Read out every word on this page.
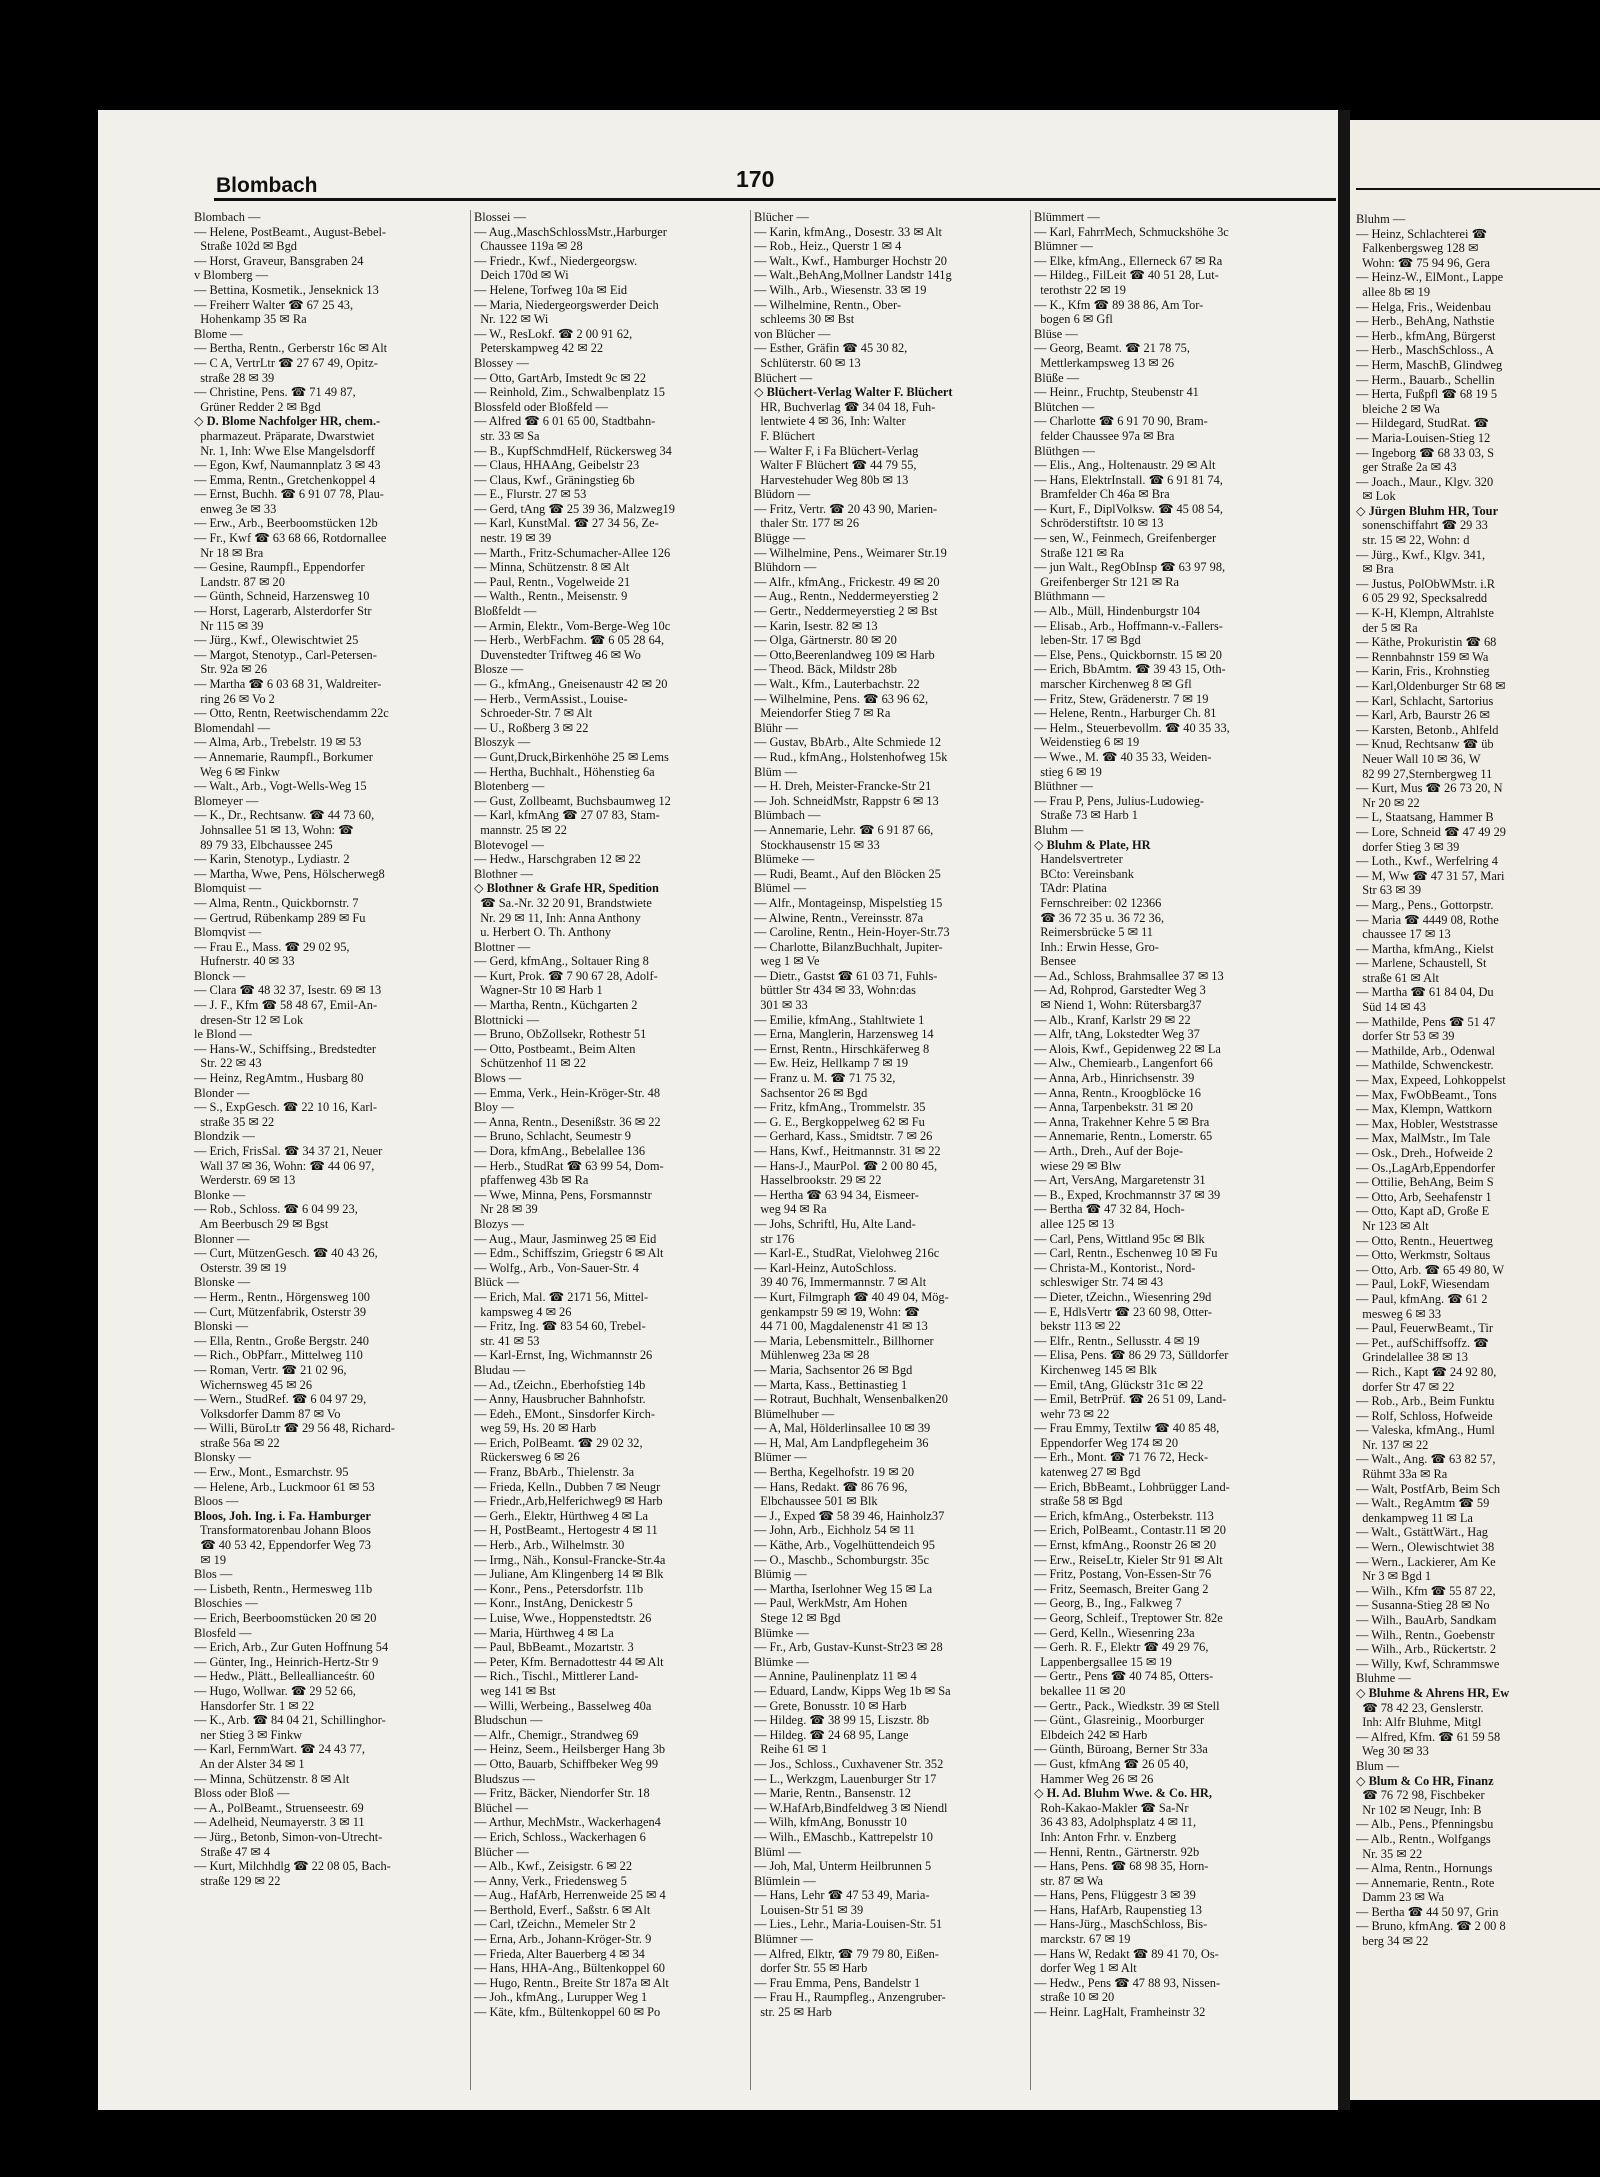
Blombach	170
Blombach —
— Helene, PostBeamt., August-Bebel-
Straße 102d ✉ Bgd
— Horst, Graveur, Bansgraben 24
v Blomberg —
— Bettina, Kosmetik., Jenseknick 13
— Freiherr Walter ☎ 67 25 43,
Hohenkamp 35 ✉ Ra
Blome —
— Bertha, Rentn., Gerberstr 16c ✉ Alt
— C A, VertrLtr ☎ 27 67 49, Opitz-
straße 28 ✉ 39
— Christine, Pens. ☎ 71 49 87,
Grüner Redder 2 ✉ Bgd
◇ D. Blome Nachfolger HR, chem.-
pharmazeut. Präparate, Dwarstwiet
Nr. 1, Inh: Wwe Else Mangelsdorff
— Egon, Kwf, Naumannplatz 3 ✉ 43
— Emma, Rentn., Gretchenkoppel 4
— Ernst, Buchh. ☎ 6 91 07 78, Plau-
enweg 3e ✉ 33
— Erw., Arb., Beerboomstücken 12b
— Fr., Kwf ☎ 63 68 66, Rotdornallee
Nr 18 ✉ Bra
— Gesine, Raumpfl., Eppendorfer
Landstr. 87 ✉ 20
— Günth, Schneid, Harzensweg 10
— Horst, Lagerarb, Alsterdorfer Str
Nr 115 ✉ 39
— Jürg., Kwf., Olewischtwiet 25
— Margot, Stenotyp., Carl-Petersen-
Str. 92a ✉ 26
— Martha ☎ 6 03 68 31, Waldreiter-
ring 26 ✉ Vo 2
— Otto, Rentn, Reetwischendamm 22c
Blomendahl —
— Alma, Arb., Trebelstr. 19 ✉ 53
— Annemarie, Raumpfl., Borkumer
Weg 6 ✉ Finkw
— Walt., Arb., Vogt-Wells-Weg 15
Blomeyer —
— K., Dr., Rechtsanw. ☎ 44 73 60,
Johnsallee 51 ✉ 13, Wohn: ☎
89 79 33, Elbchaussee 245
— Karin, Stenotyp., Lydiastr. 2
— Martha, Wwe, Pens, Hölscherweg8
Blomquist —
— Alma, Rentn., Quickbornstr. 7
— Gertrud, Rübenkamp 289 ✉ Fu
Blomqvist —
— Frau E., Mass. ☎ 29 02 95,
Hufnerstr. 40 ✉ 33
Blonck —
— Clara ☎ 48 32 37, Isestr. 69 ✉ 13
— J. F., Kfm ☎ 58 48 67, Emil-An-
dresen-Str 12 ✉ Lok
le Blond —
— Hans-W., Schiffsing., Bredstedter
Str. 22 ✉ 43
— Heinz, RegAmtm., Husbarg 80
Blonder —
— S., ExpGesch. ☎ 22 10 16, Karl-
straße 35 ✉ 22
Blondzik —
— Erich, FrisSal. ☎ 34 37 21, Neuer
Wall 37 ✉ 36, Wohn: ☎ 44 06 97,
Werderstr. 69 ✉ 13
Blonke —
— Rob., Schloss. ☎ 6 04 99 23,
Am Beerbusch 29 ✉ Bgst
Blonner —
— Curt, MützenGesch. ☎ 40 43 26,
Osterstr. 39 ✉ 19
Blonske —
— Herm., Rentn., Hörgensweg 100
— Curt, Mützenfabrik, Osterstr 39
Blonski —
— Ella, Rentn., Große Bergstr. 240
— Rich., ObPfarr., Mittelweg 110
— Roman, Vertr. ☎ 21 02 96,
Wichernsweg 45 ✉ 26
— Wern., StudRef. ☎ 6 04 97 29,
Volksdorfer Damm 87 ✉ Vo
— Willi, BüroLtr ☎ 29 56 48, Richard-
straße 56a ✉ 22
Blonsky —
— Erw., Mont., Esmarchstr. 95
— Helene, Arb., Luckmoor 61 ✉ 53
Bloos —
Bloos, Joh. Ing. i. Fa. Hamburger
Transformatorenbau Johann Bloos
☎ 40 53 42, Eppendorfer Weg 73
✉ 19
Blos —
— Lisbeth, Rentn., Hermesweg 11b
Bloschies —
— Erich, Beerboomstücken 20 ✉ 20
Blosfeld —
— Erich, Arb., Zur Guten Hoffnung 54
— Günter, Ing., Heinrich-Hertz-Str 9
— Hedw., Plätt., Belleallianceśtr. 60
— Hugo, Wollwar. ☎ 29 52 66,
Hansdorfer Str. 1 ✉ 22
— K., Arb. ☎ 84 04 21, Schillinghor-
ner Stieg 3 ✉ Finkw
— Karl, FernmWart. ☎ 24 43 77,
An der Alster 34 ✉ 1
— Minna, Schützenstr. 8 ✉ Alt
Bloss oder Bloß —
— A., PolBeamt., Struenseestr. 69
— Adelheid, Neumayerstr. 3 ✉ 11
— Jürg., Betonb, Simon-von-Utrecht-
Straße 47 ✉ 4
— Kurt, Milchhdlg ☎ 22 08 05, Bach-
straße 129 ✉ 22
Blossei —
— Aug.,MaschSchlossMstr.,Harburger
Chaussee 119a ✉ 28
— Friedr., Kwf., Niedergeorgsw.
Deich 170d ✉ Wi
— Helene, Torfweg 10a ✉ Eid
— Maria, Niedergeorgswerder Deich
Nr. 122 ✉ Wi
— W., ResLokf. ☎ 2 00 91 62,
Peterskampweg 42 ✉ 22
Blossey —
— Otto, GartArb, Imstedt 9c ✉ 22
— Reinhold, Zim., Schwalbenplatz 15
Blossfeld oder Bloßfeld —
— Alfred ☎ 6 01 65 00, Stadtbahn-
str. 33 ✉ Sa
— B., KupfSchmdHelf, Rückersweg 34
— Claus, HHAAng, Geibelstr 23
— Claus, Kwf., Gräningstieg 6b
— E., Flurstr. 27 ✉ 53
— Gerd, tAng ☎ 25 39 36, Malzweg19
— Karl, KunstMal. ☎ 27 34 56, Ze-
nestr. 19 ✉ 39
— Marth., Fritz-Schumacher-Allee 126
— Minna, Schützenstr. 8 ✉ Alt
— Paul, Rentn., Vogelweide 21
— Walth., Rentn., Meisenstr. 9
Bloßfeldt —
— Armin, Elektr., Vom-Berge-Weg 10c
— Herb., WerbFachm. ☎ 6 05 28 64,
Duvenstedter Triftweg 46 ✉ Wo
Blosze —
— G., kfmAng., Gneisenaustr 42 ✉ 20
— Herb., VermAssist., Louise-
Schroeder-Str. 7 ✉ Alt
— U., Roßberg 3 ✉ 22
Bloszyk —
— Gunt,Druck,Birkenhöhe 25 ✉ Lems
— Hertha, Buchhalt., Höhenstieg 6a
Blotenberg —
— Gust, Zollbeamt, Buchsbaumweg 12
— Karl, kfmAng ☎ 27 07 83, Stam-
mannstr. 25 ✉ 22
Blotevogel —
— Hedw., Harschgraben 12 ✉ 22
Blothner —
◇ Blothner & Grafe HR, Spedition
☎ Sa.-Nr. 32 20 91, Brandstwiete
Nr. 29 ✉ 11, Inh: Anna Anthony
u. Herbert O. Th. Anthony
Blottner —
— Gerd, kfmAng., Soltauer Ring 8
— Kurt, Prok. ☎ 7 90 67 28, Adolf-
Wagner-Str 10 ✉ Harb 1
— Martha, Rentn., Küchgarten 2
Blottnicki —
— Bruno, ObZollsekr, Rothestr 51
— Otto, Postbeamt., Beim Alten
Schützenhof 11 ✉ 22
Blows —
— Emma, Verk., Hein-Kröger-Str. 48
Bloy —
— Anna, Rentn., Desenißstr. 36 ✉ 22
— Bruno, Schlacht, Seumestr 9
— Dora, kfmAng., Bebelallee 136
— Herb., StudRat ☎ 63 99 54, Dom-
pfaffenweg 43b ✉ Ra
— Wwe, Minna, Pens, Forsmannstr
Nr 28 ✉ 39
Blozys —
— Aug., Maur, Jasminweg 25 ✉ Eid
— Edm., Schiffszim, Griegstr 6 ✉ Alt
— Wolfg., Arb., Von-Sauer-Str. 4
Blück —
— Erich, Mal. ☎ 2171 56, Mittel-
kampsweg 4 ✉ 26
— Fritz, Ing. ☎ 83 54 60, Trebel-
str. 41 ✉ 53
— Karl-Ernst, Ing, Wichmannstr 26
Bludau —
— Ad., tZeichn., Eberhofstieg 14b
— Anny, Hausbrucher Bahnhofstr.
— Edeh., EMont., Sinsdorfer Kirch-
weg 59, Hs. 20 ✉ Harb
— Erich, PolBeamt. ☎ 29 02 32,
Rückersweg 6 ✉ 26
— Franz, BbArb., Thielenstr. 3a
— Frieda, Kelln., Dubben 7 ✉ Neugr
— Friedr.,Arb,Helferichweg9 ✉ Harb
— Gerh., Elektr, Hürthweg 4 ✉ La
— H, PostBeamt., Hertogestr 4 ✉ 11
— Herb., Arb., Wilhelmstr. 30
— Irmg., Näh., Konsul-Francke-Str.4a
— Juliane, Am Klingenberg 14 ✉ Blk
— Konr., Pens., Petersdorfstr. 11b
— Konr., InstAng, Denickestr 5
— Luise, Wwe., Hoppenstedtstr. 26
— Maria, Hürthweg 4 ✉ La
— Paul, BbBeamt., Mozartstr. 3
— Peter, Kfm. Bernadottestr 44 ✉ Alt
— Rich., Tischl., Mittlerer Land-
weg 141 ✉ Bst
— Willi, Werbeing., Basselweg 40a
Bludschun —
— Alfr., Chemigr., Strandweg 69
— Heinz, Seem., Heilsberger Hang 3b
— Otto, Bauarb, Schiffbeker Weg 99
Bludszus —
— Fritz, Bäcker, Niendorfer Str. 18
Blüchel —
— Arthur, MechMstr., Wackerhagen4
— Erich, Schloss., Wackerhagen 6
Blücher —
— Alb., Kwf., Zeisigstr. 6 ✉ 22
— Anny, Verk., Friedensweg 5
— Aug., HafArb, Herrenweide 25 ✉ 4
— Berthold, Everf., Saßstr. 6 ✉ Alt
— Carl, tZeichn., Memeler Str 2
— Erna, Arb., Johann-Kröger-Str. 9
— Frieda, Alter Bauerberg 4 ✉ 34
— Hans, HHA-Ang., Bültenkoppel 60
— Hugo, Rentn., Breite Str 187a ✉ Alt
— Joh., kfmAng., Lurupper Weg 1
— Käte, kfm., Bültenkoppel 60 ✉ Po
Blücher —
— Karin, kfmAng., Dosestr. 33 ✉ Alt
— Rob., Heiz., Querstr 1 ✉ 4
— Walt., Kwf., Hamburger Hochstr 20
— Walt.,BehAng,Mollner Landstr 141g
— Wilh., Arb., Wiesenstr. 33 ✉ 19
— Wilhelmine, Rentn., Ober-
schleems 30 ✉ Bst
von Blücher —
— Esther, Gräfin ☎ 45 30 82,
Schlüterstr. 60 ✉ 13
Blüchert —
◇ Blüchert-Verlag Walter F. Blüchert
HR, Buchverlag ☎ 34 04 18, Fuh-
lentwiete 4 ✉ 36, Inh: Walter
F. Blüchert
— Walter F, i Fa Blüchert-Verlag
Walter F Blüchert ☎ 44 79 55,
Harvestehuder Weg 80b ✉ 13
Blüdorn —
— Fritz, Vertr. ☎ 20 43 90, Marien-
thaler Str. 177 ✉ 26
Blügge —
— Wilhelmine, Pens., Weimarer Str.19
Blühdorn —
— Alfr., kfmAng., Frickestr. 49 ✉ 20
— Aug., Rentn., Neddermeyerstieg 2
— Gertr., Neddermeyerstieg 2 ✉ Bst
— Karin, Isestr. 82 ✉ 13
— Olga, Gärtnerstr. 80 ✉ 20
— Otto,Beerenlandweg 109 ✉ Harb
— Theod. Bäck, Mildstr 28b
— Walt., Kfm., Lauterbachstr. 22
— Wilhelmine, Pens. ☎ 63 96 62,
Meiendorfer Stieg 7 ✉ Ra
Blühr —
— Gustav, BbArb., Alte Schmiede 12
— Rud., kfmAng., Holstenhofweg 15k
Blüm —
— H. Dreh, Meister-Francke-Str 21
— Joh. SchneidMstr, Rappstr 6 ✉ 13
Blümbach —
— Annemarie, Lehr. ☎ 6 91 87 66,
Stockhausenstr 15 ✉ 33
Blümeke —
— Rudi, Beamt., Auf den Blöcken 25
Blümel —
— Alfr., Montageinsp, Mispelstieg 15
— Alwine, Rentn., Vereinsstr. 87a
— Caroline, Rentn., Hein-Hoyer-Str.73
— Charlotte, BilanzBuchhalt, Jupiter-
weg 1 ✉ Ve
— Dietr., Gastst ☎ 61 03 71, Fuhls-
büttler Str 434 ✉ 33, Wohn:das
301 ✉ 33
— Emilie, kfmAng., Stahltwiete 1
— Erna, Manglerin, Harzensweg 14
— Ernst, Rentn., Hirschkäferweg 8
— Ew. Heiz, Hellkamp 7 ✉ 19
— Franz u. M. ☎ 71 75 32,
Sachsentor 26 ✉ Bgd
— Fritz, kfmAng., Trommelstr. 35
— G. E., Bergkoppelweg 62 ✉ Fu
— Gerhard, Kass., Smidtstr. 7 ✉ 26
— Hans, Kwf., Heitmannstr. 31 ✉ 22
— Hans-J., MaurPol. ☎ 2 00 80 45,
Hasselbrookstr. 29 ✉ 22
— Hertha ☎ 63 94 34, Eismeer-
weg 94 ✉ Ra
— Johs, Schriftl, Hu, Alte Land-
str 176
— Karl-E., StudRat, Vielohweg 216c
— Karl-Heinz, AutoSchloss.
39 40 76, Immermannstr. 7 ✉ Alt
— Kurt, Filmgraph ☎ 40 49 04, Mög-
genkampstr 59 ✉ 19, Wohn: ☎
44 71 00, Magdalenenstr 41 ✉ 13
— Maria, Lebensmittelr., Billhorner
Mühlenweg 23a ✉ 28
— Maria, Sachsentor 26 ✉ Bgd
— Marta, Kass., Bettinastieg 1
— Rotraut, Buchhalt, Wensenbalken20
Blümelhuber —
— A, Mal, Hölderlinsallee 10 ✉ 39
— H, Mal, Am Landpflegeheim 36
Blümer —
— Bertha, Kegelhofstr. 19 ✉ 20
— Hans, Redakt. ☎ 86 76 96,
Elbchaussee 501 ✉ Blk
— J., Exped ☎ 58 39 46, Hainholz37
— John, Arb., Eichholz 54 ✉ 11
— Käthe, Arb., Vogelhüttendeich 95
— O., Maschb., Schomburgstr. 35c
Blümig —
— Martha, Iserlohner Weg 15 ✉ La
— Paul, WerkMstr, Am Hohen
Stege 12 ✉ Bgd
Blümke —
— Fr., Arb, Gustav-Kunst-Str23 ✉ 28
Blümke —
— Annine, Paulinenplatz 11 ✉ 4
— Eduard, Landw, Kipps Weg 1b ✉ Sa
— Grete, Bonusstr. 10 ✉ Harb
— Hildeg. ☎ 38 99 15, Liszstr. 8b
— Hildeg. ☎ 24 68 95, Lange
Reihe 61 ✉ 1
— Jos., Schloss., Cuxhavener Str. 352
— L., Werkzgm, Lauenburger Str 17
— Marie, Rentn., Bansenstr. 12
— W.HafArb,Bindfeldweg 3 ✉ Niendl
— Wilh, kfmAng, Bonusstr 10
— Wilh., EMaschb., Kattrepelstr 10
Blüml —
— Joh, Mal, Unterm Heilbrunnen 5
Blümlein —
— Hans, Lehr ☎ 47 53 49, Maria-
Louisen-Str 51 ✉ 39
— Lies., Lehr., Maria-Louisen-Str. 51
Blümner —
— Alfred, Elktr, ☎ 79 79 80, Eißen-
dorfer Str. 55 ✉ Harb
— Frau Emma, Pens, Bandelstr 1
— Frau H., Raumpfleg., Anzengruber-
str. 25 ✉ Harb
Blümmert —
— Karl, FahrrMech, Schmuckshöhe 3c
Blümner —
— Elke, kfmAng., Ellerneck 67 ✉ Ra
— Hildeg., FilLeit ☎ 40 51 28, Lut-
terothstr 22 ✉ 19
— K., Kfm ☎ 89 38 86, Am Tor-
bogen 6 ✉ Gfl
Blüse —
— Georg, Beamt. ☎ 21 78 75,
Mettlerkampsweg 13 ✉ 26
Blüße —
— Heinr., Fruchtp, Steubenstr 41
Blütchen —
— Charlotte ☎ 6 91 70 90, Bram-
felder Chaussee 97a ✉ Bra
Blüthgen —
— Elis., Ang., Holtenaustr. 29 ✉ Alt
— Hans, ElektrInstall. ☎ 6 91 81 74,
Bramfelder Ch 46a ✉ Bra
— Kurt, F., DiplVolksw. ☎ 45 08 54,
Schröderstiftstr. 10 ✉ 13
— sen, W., Feinmech, Greifenberger
Straße 121 ✉ Ra
— jun Walt., RegObInsp ☎ 63 97 98,
Greifenberger Str 121 ✉ Ra
Blüthmann —
— Alb., Müll, Hindenburgstr 104
— Elisab., Arb., Hoffmann-v.-Fallers-
leben-Str. 17 ✉ Bgd
— Else, Pens., Quickbornstr. 15 ✉ 20
— Erich, BbAmtm. ☎ 39 43 15, Oth-
marscher Kirchenweg 8 ✉ Gfl
— Fritz, Stew, Grädenerstr. 7 ✉ 19
— Helene, Rentn., Harburger Ch. 81
— Helm., Steuerbevollm. ☎ 40 35 33,
Weidenstieg 6 ✉ 19
— Wwe., M. ☎ 40 35 33, Weiden-
stieg 6 ✉ 19
Blüthner —
— Frau P, Pens, Julius-Ludowieg-
Straße 73 ✉ Harb 1
Bluhm —
◇ Bluhm & Plate, HR
Handelsvertreter
BCto: Vereinsbank
TAdr: Platina
Fernschreiber: 02 12366
☎ 36 72 35 u. 36 72 36,
Reimersbrücke 5 ✉ 11
Inh.: Erwin Hesse, Gro-
Bensee
— Ad., Schloss, Brahmsallee 37 ✉ 13
— Ad, Rohprod, Garstedter Weg 3
✉ Niend 1, Wohn: Rütersbarg37
— Alb., Kranf, Karlstr 29 ✉ 22
— Alfr, tAng, Lokstedter Weg 37
— Alois, Kwf., Gepidenweg 22 ✉ La
— Alw., Chemiearb., Langenfort 66
— Anna, Arb., Hinrichsenstr. 39
— Anna, Rentn., Kroogblöcke 16
— Anna, Tarpenbekstr. 31 ✉ 20
— Anna, Trakehner Kehre 5 ✉ Bra
— Annemarie, Rentn., Lomerstr. 65
— Arth., Dreh., Auf der Boje-
wiese 29 ✉ Blw
— Art, VersAng, Margaretenstr 31
— B., Exped, Krochmannstr 37 ✉ 39
— Bertha ☎ 47 32 84, Hoch-
allee 125 ✉ 13
— Carl, Pens, Wittland 95c ✉ Blk
— Carl, Rentn., Eschenweg 10 ✉ Fu
— Christa-M., Kontorist., Nord-
schleswiger Str. 74 ✉ 43
— Dieter, tZeichn., Wiesenring 29d
— E, HdlsVertr ☎ 23 60 98, Otter-
bekstr 113 ✉ 22
— Elfr., Rentn., Sellusstr. 4 ✉ 19
— Elisa, Pens. ☎ 86 29 73, Sülldorfer
Kirchenweg 145 ✉ Blk
— Emil, tAng, Glückstr 31c ✉ 22
— Emil, BetrPrüf. ☎ 26 51 09, Land-
wehr 73 ✉ 22
— Frau Emmy, Textilw ☎ 40 85 48,
Eppendorfer Weg 174 ✉ 20
— Erh., Mont. ☎ 71 76 72, Heck-
katenweg 27 ✉ Bgd
— Erich, BbBeamt., Lohbrügger Land-
straße 58 ✉ Bgd
— Erich, kfmAng., Osterbekstr. 113
— Erich, PolBeamt., Contastr.11 ✉ 20
— Ernst, kfmAng., Roonstr 26 ✉ 20
— Erw., ReiseLtr, Kieler Str 91 ✉ Alt
— Fritz, Postang, Von-Essen-Str 76
— Fritz, Seemasch, Breiter Gang 2
— Georg, B., Ing., Falkweg 7
— Georg, Schleif., Treptower Str. 82e
— Gerd, Kelln., Wiesenring 23a
— Gerh. R. F., Elektr ☎ 49 29 76,
Lappenbergsallee 15 ✉ 19
— Gertr., Pens ☎ 40 74 85, Otters-
bekallee 11 ✉ 20
— Gertr., Pack., Wiedkstr. 39 ✉ Stell
— Günt., Glasreinig., Moorburger
Elbdeich 242 ✉ Harb
— Günth, Büroang, Berner Str 33a
— Gust, kfmAng ☎ 26 05 40,
Hammer Weg 26 ✉ 26
◇ H. Ad. Bluhm Wwe. & Co. HR,
Roh-Kakao-Makler ☎ Sa-Nr
36 43 83, Adolphsplatz 4 ✉ 11,
Inh: Anton Frhr. v. Enzberg
— Henni, Rentn., Gärtnerstr. 92b
— Hans, Pens. ☎ 68 98 35, Horn-
str. 87 ✉ Wa
— Hans, Pens, Flüggestr 3 ✉ 39
— Hans, HafArb, Raupenstieg 13
— Hans-Jürg., MaschSchloss, Bis-
marckstr. 67 ✉ 19
— Hans W, Redakt ☎ 89 41 70, Os-
dorfer Weg 1 ✉ Alt
— Hedw., Pens ☎ 47 88 93, Nissen-
straße 10 ✉ 20
— Heinr. LagHalt, Framheinstr 32
Bluhm —
— Heinz, Schlachterei ☎
Falkenbergsweg 128 ✉
Wohn: ☎ 75 94 96, Gera
— Heinz-W., ElMont., Lappe
allee 8b ✉ 19
— Helga, Fris., Weidenbau
— Herb., BehAng, Nathstie
— Herb., kfmAng, Bürgerst
— Herb., MaschSchloss., A
— Herm, MaschB, Glindweg
— Herm., Bauarb., Schellin
— Herta, Fußpfl ☎ 68 19 5
bleiche 2 ✉ Wa
— Hildegard, StudRat. ☎
— Maria-Louisen-Stieg 12
— Ingeborg ☎ 68 33 03, S
ger Straße 2a ✉ 43
— Joach., Maur., Klgv. 320
✉ Lok
◇ Jürgen Bluhm HR, Tour
sonenschiffahrt ☎ 29 33
str. 15 ✉ 22, Wohn: d
— Jürg., Kwf., Klgv. 341,
✉ Bra
— Justus, PolObWMstr. i.R
6 05 29 92, Specksalredd
— K-H, Klempn, Altrahlste
der 5 ✉ Ra
— Käthe, Prokuristin ☎ 68
— Rennbahnstr 159 ✉ Wa
— Karin, Fris., Krohnstieg
— Karl,Oldenburger Str 68 ✉
— Karl, Schlacht, Sartorius
— Karl, Arb, Baurstr 26 ✉
— Karsten, Betonb., Ahlfeld
— Knud, Rechtsanw ☎ üb
Neuer Wall 10 ✉ 36, W
82 99 27,Sternbergweg 11
— Kurt, Mus ☎ 26 73 20, N
Nr 20 ✉ 22
— L, Staatsang, Hammer B
— Lore, Schneid ☎ 47 49 29
dorfer Stieg 3 ✉ 39
— Loth., Kwf., Werfelring 4
— M, Ww ☎ 47 31 57, Mari
Str 63 ✉ 39
— Marg., Pens., Gottorpstr.
— Maria ☎ 4449 08, Rothe
chaussee 17 ✉ 13
— Martha, kfmAng., Kielst
— Marlene, Schaustell, St
straße 61 ✉ Alt
— Martha ☎ 61 84 04, Du
Süd 14 ✉ 43
— Mathilde, Pens ☎ 51 47
dorfer Str 53 ✉ 39
— Mathilde, Arb., Odenwal
— Mathilde, Schwenckestr.
— Max, Expeed, Lohkoppelst
— Max, FwObBeamt., Tons
— Max, Klempn, Wattkorn
— Max, Hobler, Weststrasse
— Max, MalMstr., Im Tale
— Osk., Dreh., Hofweide 2
— Os.,LagArb,Eppendorfer
— Ottilie, BehAng, Beim S
— Otto, Arb, Seehafenstr 1
— Otto, Kapt aD, Große E
Nr 123 ✉ Alt
— Otto, Rentn., Heuertweg
— Otto, Werkmstr, Soltaus
— Otto, Arb. ☎ 65 49 80, W
— Paul, LokF, Wiesendam
— Paul, kfmAng. ☎ 61 2
mesweg 6 ✉ 33
— Paul, FeuerwBeamt., Tir
— Pet., aufSchiffsoffz. ☎
Grindelallee 38 ✉ 13
— Rich., Kapt ☎ 24 92 80,
dorfer Str 47 ✉ 22
— Rob., Arb., Beim Funktu
— Rolf, Schloss, Hofweide
— Valeska, kfmAng., Huml
Nr. 137 ✉ 22
— Walt., Ang. ☎ 63 82 57,
Rühmt 33a ✉ Ra
— Walt, PostfArb, Beim Sch
— Walt., RegAmtm ☎ 59
denkampweg 11 ✉ La
— Walt., GstättWärt., Hag
— Wern., Olewischtwiet 38
— Wern., Lackierer, Am Ke
Nr 3 ✉ Bgd 1
— Wilh., Kfm ☎ 55 87 22,
— Susanna-Stieg 28 ✉ No
— Wilh., BauArb, Sandkam
— Wilh., Rentn., Goebenstr
— Wilh., Arb., Rückertstr. 2
— Willy, Kwf, Schrammswe
Bluhme —
◇ Bluhme & Ahrens HR, Ew
☎ 78 42 23, Genslerstr.
Inh: Alfr Bluhme, Mitgl
— Alfred, Kfm. ☎ 61 59 58
Weg 30 ✉ 33
Blum —
◇ Blum & Co HR, Finanz
☎ 76 72 98, Fischbeker
Nr 102 ✉ Neugr, Inh: B
— Alb., Pens., Pfenningsbu
— Alb., Rentn., Wolfgangs
Nr. 35 ✉ 22
— Alma, Rentn., Hornungs
— Annemarie, Rentn., Rote
Damm 23 ✉ Wa
— Bertha ☎ 44 50 97, Grin
— Bruno, kfmAng. ☎ 2 00 8
berg 34 ✉ 22
